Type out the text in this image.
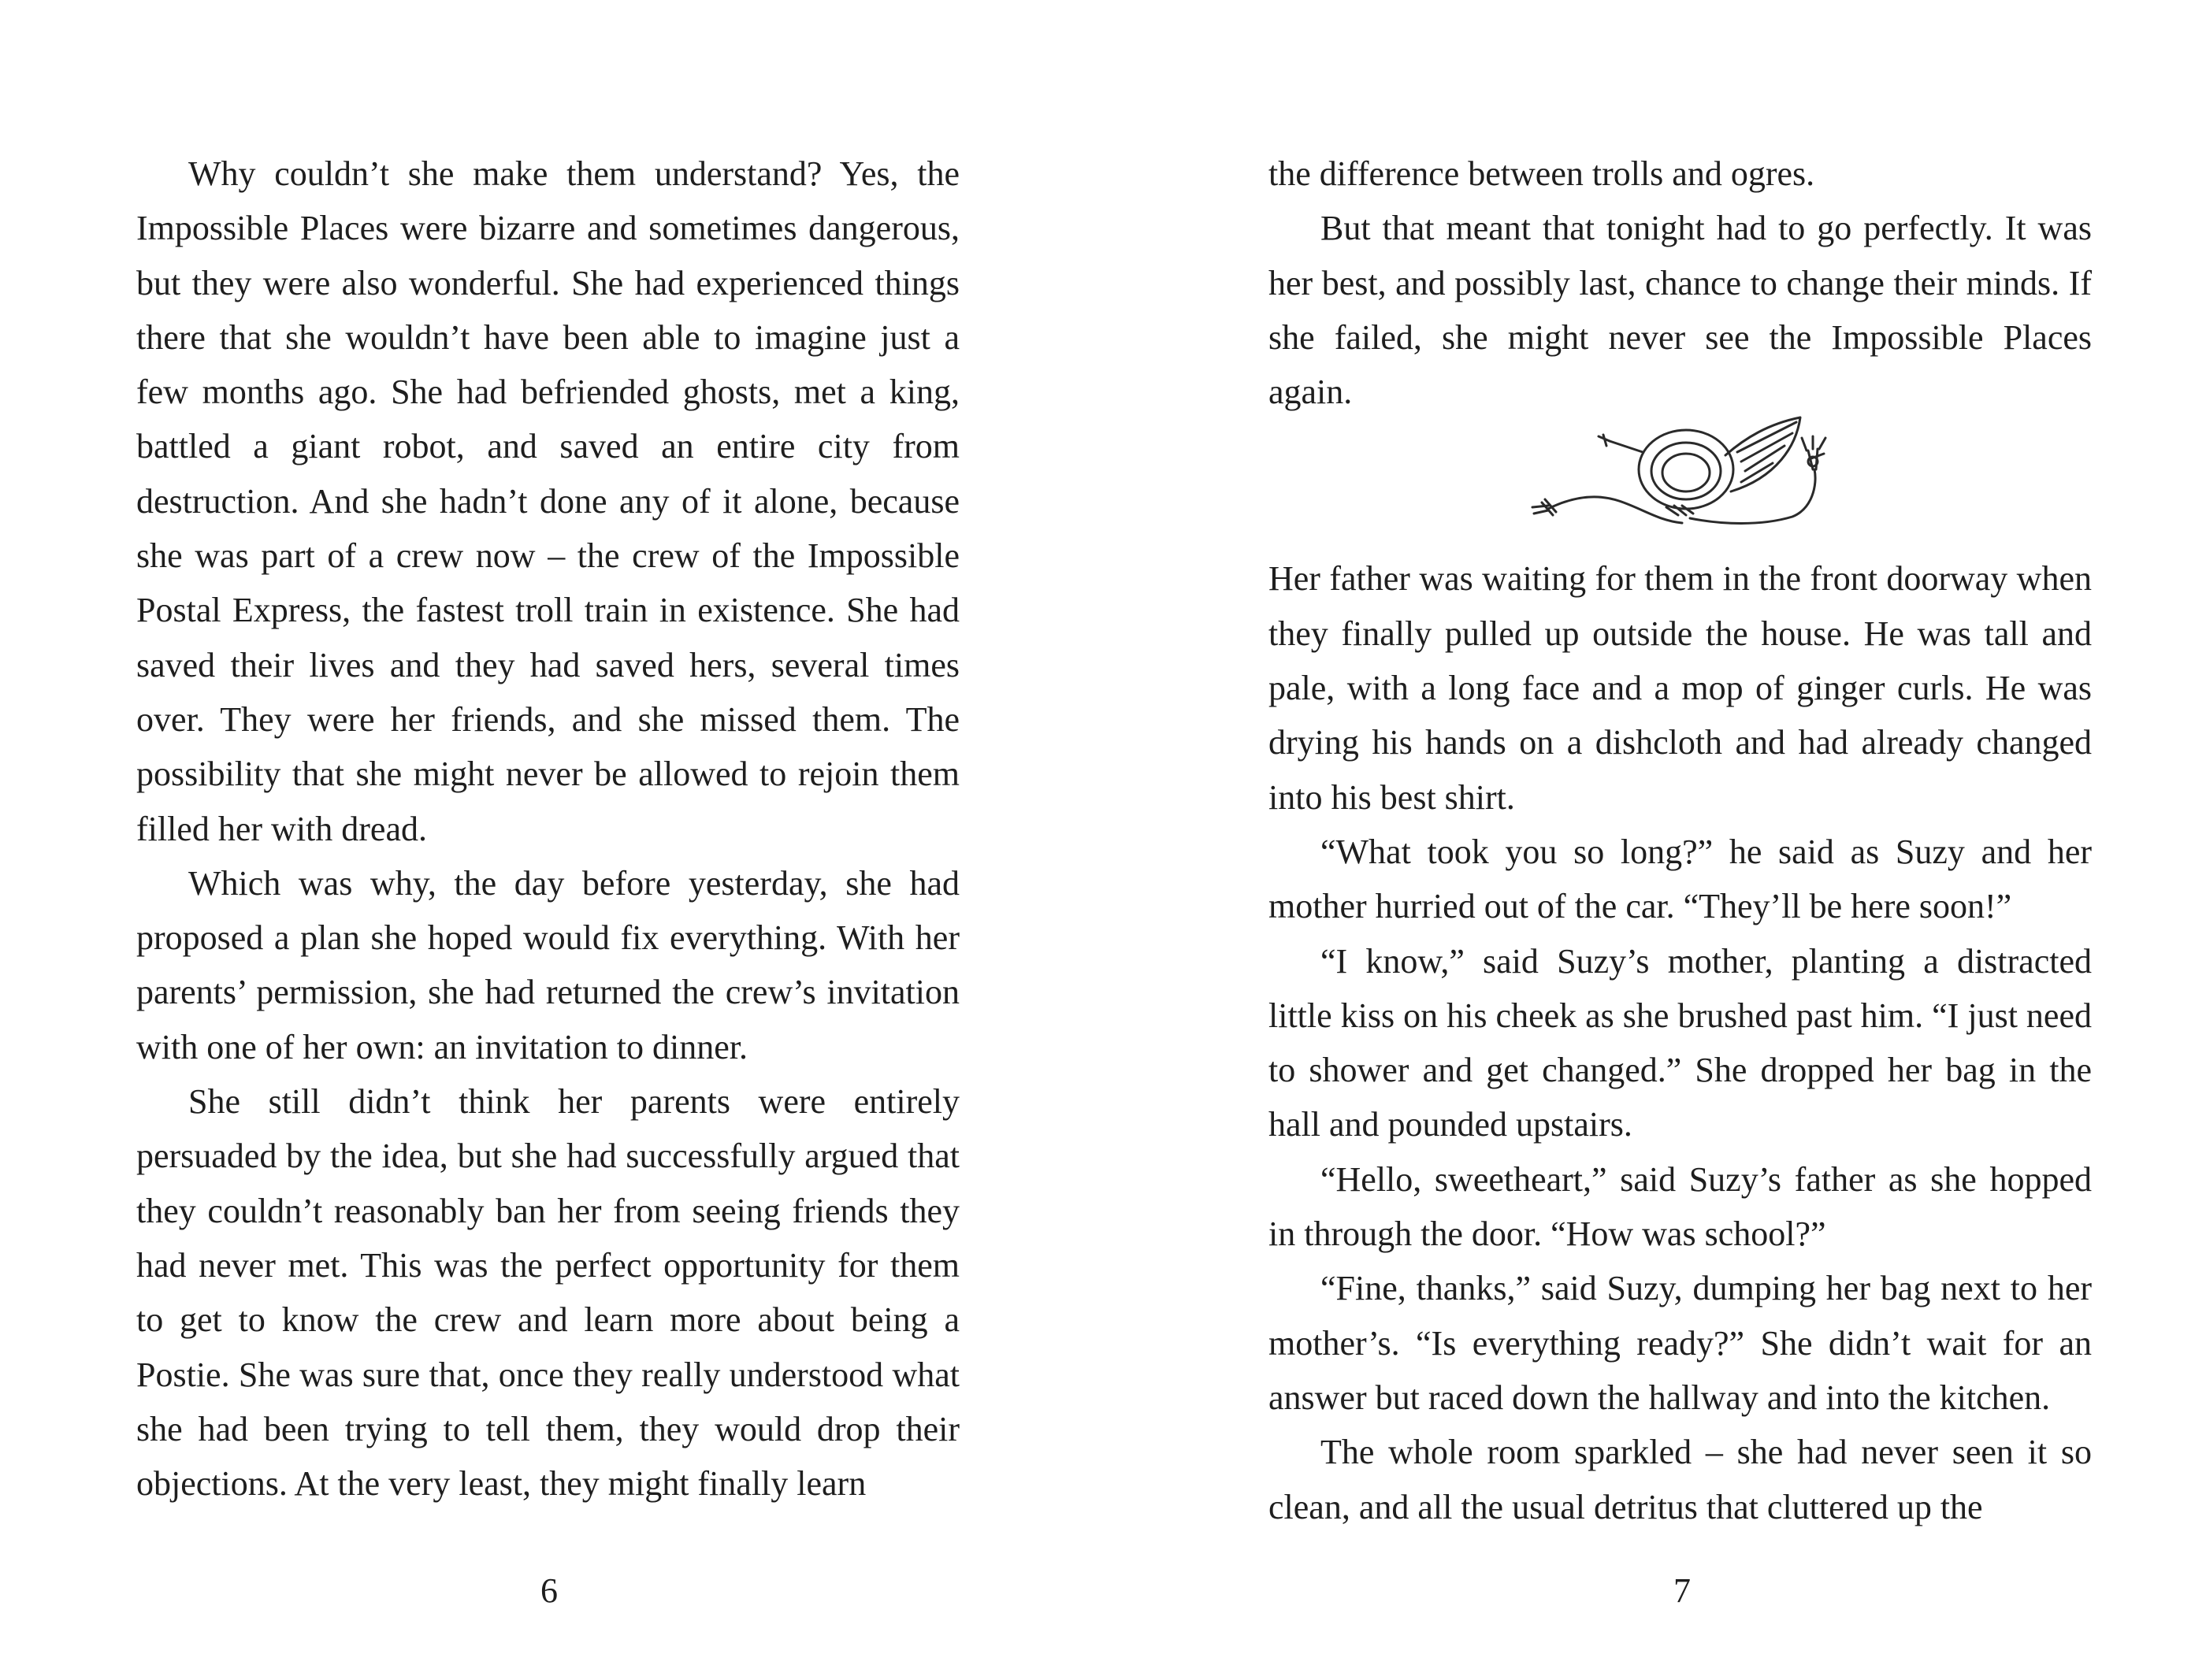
Why couldn’t she make them understand? Yes, the Impossible Places were bizarre and sometimes dangerous, but they were also wonderful. She had experienced things there that she wouldn’t have been able to imagine just a few months ago. She had befriended ghosts, met a king, battled a giant robot, and saved an entire city from destruction. And she hadn’t done any of it alone, because she was part of a crew now – the crew of the Impossible Postal Express, the fastest troll train in existence. She had saved their lives and they had saved hers, several times over. They were her friends, and she missed them. The possibility that she might never be allowed to rejoin them filled her with dread.

Which was why, the day before yesterday, she had proposed a plan she hoped would fix everything. With her parents’ permission, she had returned the crew’s invitation with one of her own: an invitation to dinner.

She still didn’t think her parents were entirely persuaded by the idea, but she had successfully argued that they couldn’t reasonably ban her from seeing friends they had never met. This was the perfect opportunity for them to get to know the crew and learn more about being a Postie. She was sure that, once they really understood what she had been trying to tell them, they would drop their objections. At the very least, they might finally learn

the difference between trolls and ogres.

But that meant that tonight had to go perfectly. It was her best, and possibly last, chance to change their minds. If she failed, she might never see the Impossible Places again.

Her father was waiting for them in the front doorway when they finally pulled up outside the house. He was tall and pale, with a long face and a mop of ginger curls. He was drying his hands on a dishcloth and had already changed into his best shirt.

“What took you so long?” he said as Suzy and her mother hurried out of the car. “They’ll be here soon!”

“I know,” said Suzy’s mother, planting a distracted little kiss on his cheek as she brushed past him. “I just need to shower and get changed.” She dropped her bag in the hall and pounded upstairs.

“Hello, sweetheart,” said Suzy’s father as she hopped in through the door. “How was school?”

“Fine, thanks,” said Suzy, dumping her bag next to her mother’s. “Is everything ready?” She didn’t wait for an answer but raced down the hallway and into the kitchen.

The whole room sparkled – she had never seen it so clean, and all the usual detritus that cluttered up the

6	7
